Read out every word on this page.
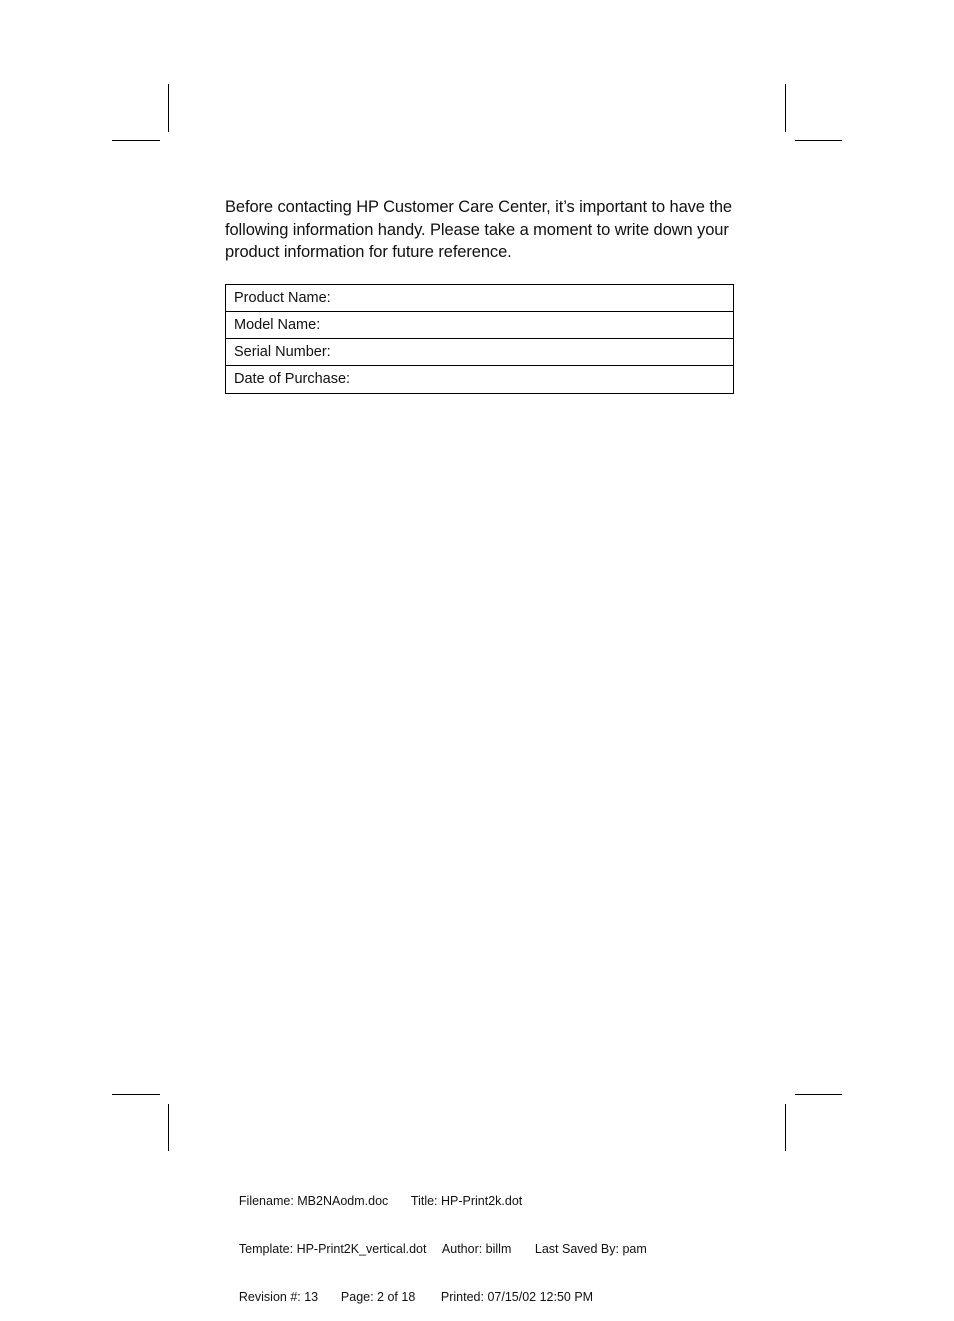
Before contacting HP Customer Care Center, it’s important to have the following information handy. Please take a moment to write down your product information for future reference.

Product Name:
Model Name:
Serial Number:
Date of Purchase:

Filename: MB2NAodm.doc Title: HP-Print2k.dot

Template: HP-Print2K_vertical.dot Author: billm Last Saved By: pam

Revision #: 13 Page: 2 of 18 Printed: 07/15/02 12:50 PM
